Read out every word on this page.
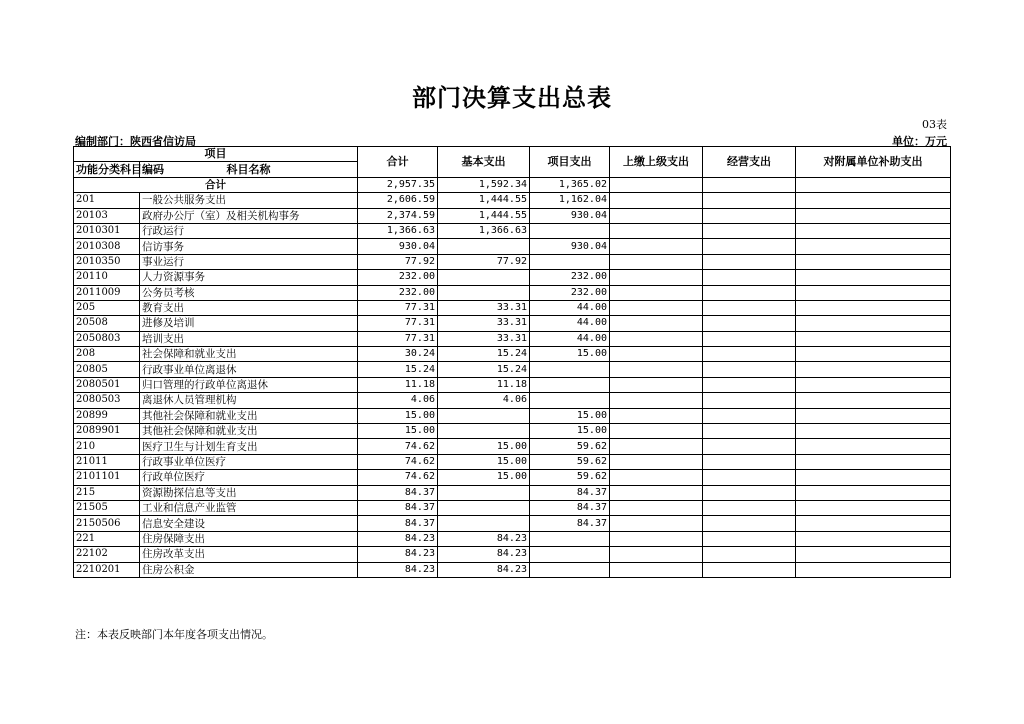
部门决算支出总表
03表
编制部门：陕西省信访局	单位：万元
项目		合计	基本支出	项目支出	上缴上级支出	经营支出	对附属单位补助支出
功能分类科目编码	科目名称						
合计		2,957.35	1,592.34	1,365.02			
201	一般公共服务支出	2,606.59	1,444.55	1,162.04			
20103	政府办公厅（室）及相关机构事务	2,374.59	1,444.55	930.04			
2010301	行政运行	1,366.63	1,366.63				
2010308	信访事务	930.04		930.04			
2010350	事业运行	77.92	77.92				
20110	人力资源事务	232.00		232.00			
2011009	公务员考核	232.00		232.00			
205	教育支出	77.31	33.31	44.00			
20508	进修及培训	77.31	33.31	44.00			
2050803	培训支出	77.31	33.31	44.00			
208	社会保障和就业支出	30.24	15.24	15.00			
20805	行政事业单位离退休	15.24	15.24				
2080501	归口管理的行政单位离退休	11.18	11.18				
2080503	离退休人员管理机构	4.06	4.06				
20899	其他社会保障和就业支出	15.00		15.00			
2089901	其他社会保障和就业支出	15.00		15.00			
210	医疗卫生与计划生育支出	74.62	15.00	59.62			
21011	行政事业单位医疗	74.62	15.00	59.62			
2101101	行政单位医疗	74.62	15.00	59.62			
215	资源勘探信息等支出	84.37		84.37			
21505	工业和信息产业监管	84.37		84.37			
2150506	信息安全建设	84.37		84.37			
221	住房保障支出	84.23	84.23				
22102	住房改革支出	84.23	84.23				
2210201	住房公积金	84.23	84.23				
注：本表反映部门本年度各项支出情况。
